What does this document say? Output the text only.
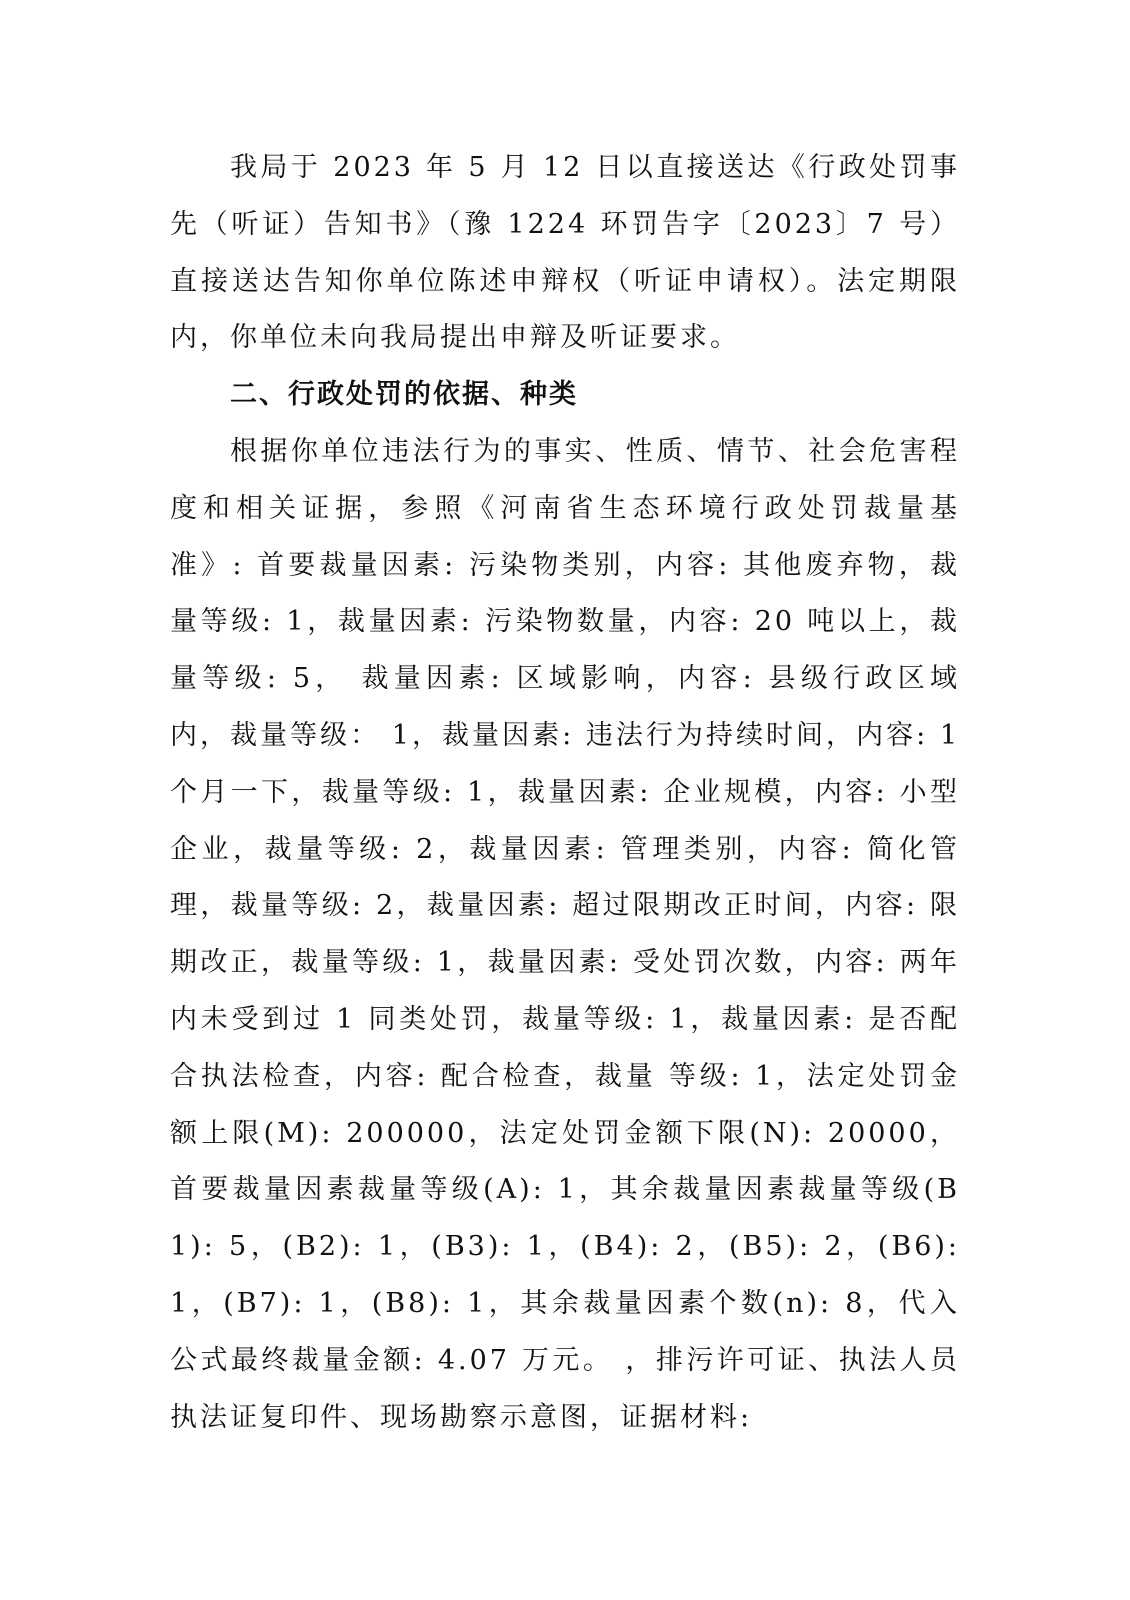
我局于 2023 年 5 月 12 日以直接送达《行政处罚事先（听证）告知书》（豫 1224 环罚告字〔2023〕7 号）直接送达告知你单位陈述申辩权（听证申请权）。法定期限内，你单位未向我局提出申辩及听证要求。

二、行政处罚的依据、种类

根据你单位违法行为的事实、性质、情节、社会危害程度和相关证据，参照《河南省生态环境行政处罚裁量基准》: 首要裁量因素: 污染物类别，内容: 其他废弃物，裁量等级: 1，裁量因素: 污染物数量，内容: 20 吨以上，裁量等级: 5， 裁量因素: 区域影响，内容: 县级行政区域内，裁量等级： 1，裁量因素: 违法行为持续时间，内容: 1 个月一下，裁量等级: 1，裁量因素: 企业规模，内容: 小型企业，裁量等级: 2，裁量因素: 管理类别，内容: 简化管理，裁量等级: 2，裁量因素: 超过限期改正时间，内容: 限期改正，裁量等级: 1，裁量因素: 受处罚次数，内容: 两年内未受到过 1 同类处罚，裁量等级: 1，裁量因素: 是否配合执法检查，内容: 配合检查，裁量 等级: 1，法定处罚金额上限(M): 200000，法定处罚金额下限(N): 20000，首要裁量因素裁量等级(A): 1，其余裁量因素裁量等级(B1): 5，(B2): 1，(B3): 1，(B4): 2，(B5): 2，(B6): 1，(B7): 1，(B8): 1，其余裁量因素个数(n): 8，代入 公式最终裁量金额: 4.07 万元。 ，排污许可证、执法人员执法证复印件、现场勘察示意图，证据材料:
